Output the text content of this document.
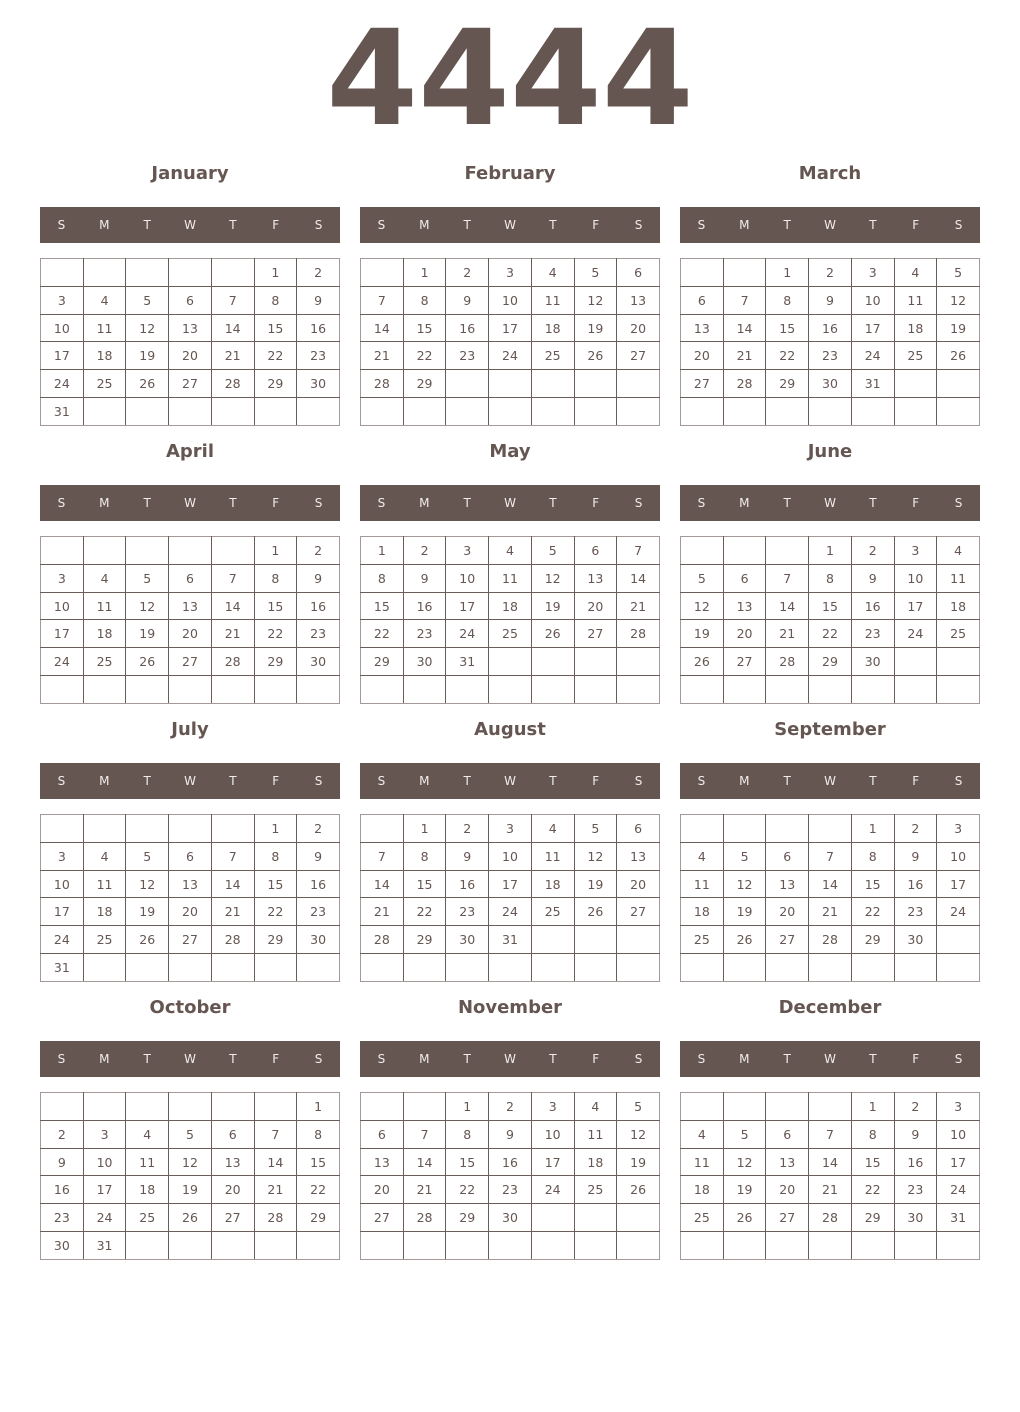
4444
January
S	M	T	W	T	F	S
					1	2
3	4	5	6	7	8	9
10	11	12	13	14	15	16
17	18	19	20	21	22	23
24	25	26	27	28	29	30
31						
February
S	M	T	W	T	F	S
	1	2	3	4	5	6
7	8	9	10	11	12	13
14	15	16	17	18	19	20
21	22	23	24	25	26	27
28	29					

March
S	M	T	W	T	F	S
		1	2	3	4	5
6	7	8	9	10	11	12
13	14	15	16	17	18	19
20	21	22	23	24	25	26
27	28	29	30	31		

April
S	M	T	W	T	F	S
					1	2
3	4	5	6	7	8	9
10	11	12	13	14	15	16
17	18	19	20	21	22	23
24	25	26	27	28	29	30

May
S	M	T	W	T	F	S
1	2	3	4	5	6	7
8	9	10	11	12	13	14
15	16	17	18	19	20	21
22	23	24	25	26	27	28
29	30	31				

June
S	M	T	W	T	F	S
			1	2	3	4
5	6	7	8	9	10	11
12	13	14	15	16	17	18
19	20	21	22	23	24	25
26	27	28	29	30		

July
S	M	T	W	T	F	S
					1	2
3	4	5	6	7	8	9
10	11	12	13	14	15	16
17	18	19	20	21	22	23
24	25	26	27	28	29	30
31						
August
S	M	T	W	T	F	S
	1	2	3	4	5	6
7	8	9	10	11	12	13
14	15	16	17	18	19	20
21	22	23	24	25	26	27
28	29	30	31			

September
S	M	T	W	T	F	S
				1	2	3
4	5	6	7	8	9	10
11	12	13	14	15	16	17
18	19	20	21	22	23	24
25	26	27	28	29	30	

October
S	M	T	W	T	F	S
						1
2	3	4	5	6	7	8
9	10	11	12	13	14	15
16	17	18	19	20	21	22
23	24	25	26	27	28	29
30	31					
November
S	M	T	W	T	F	S
		1	2	3	4	5
6	7	8	9	10	11	12
13	14	15	16	17	18	19
20	21	22	23	24	25	26
27	28	29	30			

December
S	M	T	W	T	F	S
				1	2	3
4	5	6	7	8	9	10
11	12	13	14	15	16	17
18	19	20	21	22	23	24
25	26	27	28	29	30	31
